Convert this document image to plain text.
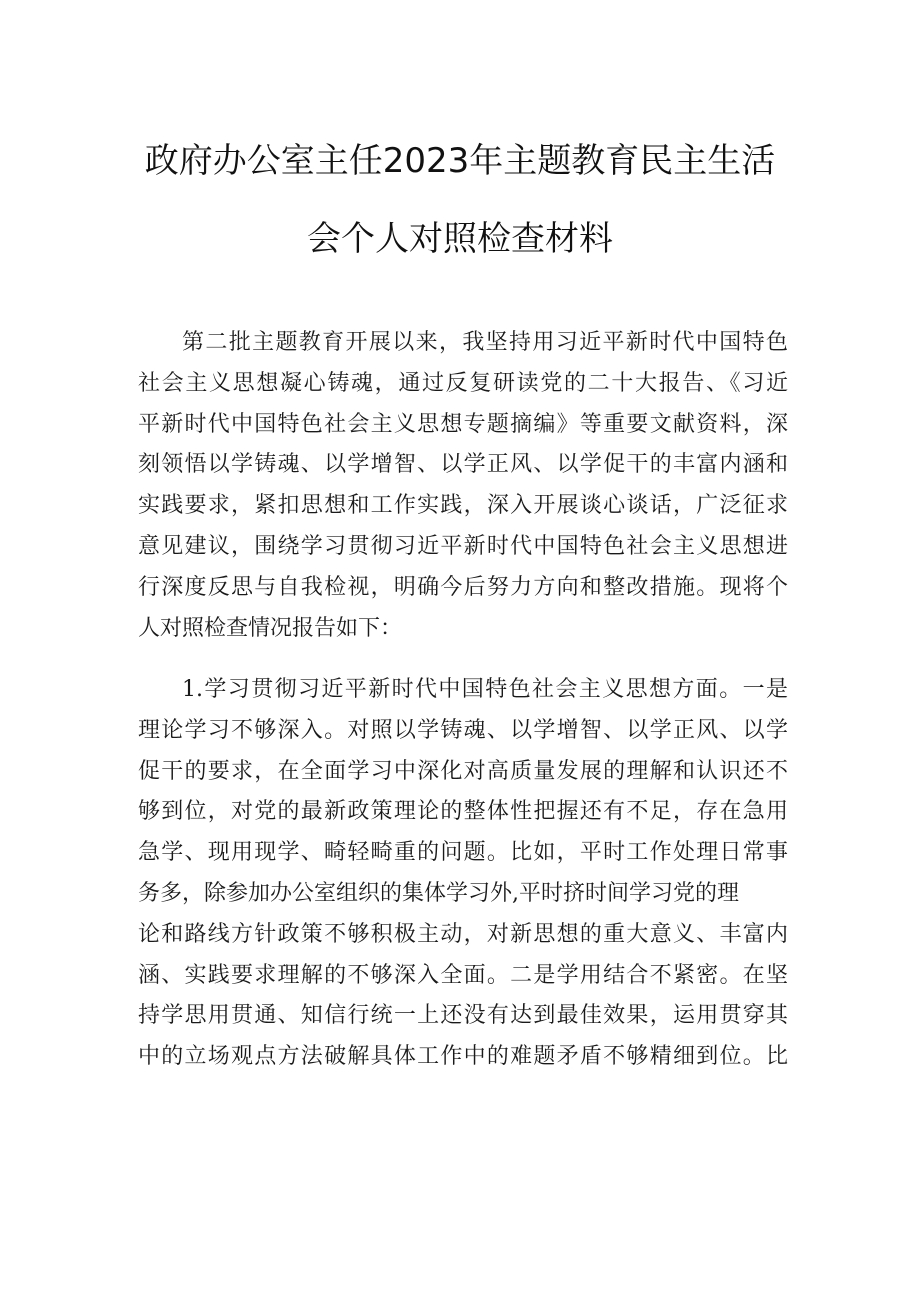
政府办公室主任2023年主题教育民主生活
会个人对照检查材料
第二批主题教育开展以来，我坚持用习近平新时代中国特色
社会主义思想凝心铸魂，通过反复研读党的二十大报告、《习近
平新时代中国特色社会主义思想专题摘编》等重要文献资料，深
刻领悟以学铸魂、以学增智、以学正风、以学促干的丰富内涵和
实践要求，紧扣思想和工作实践，深入开展谈心谈话，广泛征求
意见建议，围绕学习贯彻习近平新时代中国特色社会主义思想进
行深度反思与自我检视，明确今后努力方向和整改措施。现将个
人对照检查情况报告如下：
1.学习贯彻习近平新时代中国特色社会主义思想方面。一是
理论学习不够深入。对照以学铸魂、以学增智、以学正风、以学
促干的要求，在全面学习中深化对高质量发展的理解和认识还不
够到位，对党的最新政策理论的整体性把握还有不足，存在急用
急学、现用现学、畸轻畸重的问题。比如，平时工作处理日常事
务多，除参加办公室组织的集体学习外,平时挤时间学习党的理
论和路线方针政策不够积极主动，对新思想的重大意义、丰富内
涵、实践要求理解的不够深入全面。二是学用结合不紧密。在坚
持学思用贯通、知信行统一上还没有达到最佳效果，运用贯穿其
中的立场观点方法破解具体工作中的难题矛盾不够精细到位。比
